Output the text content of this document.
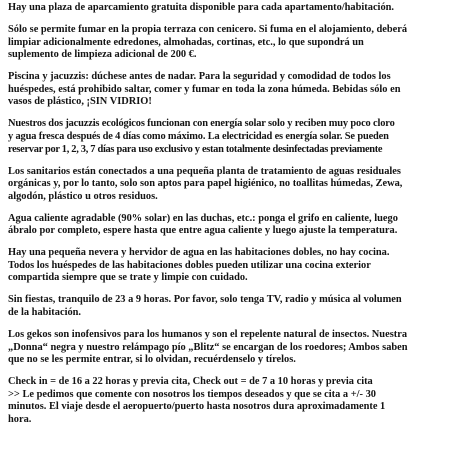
Hay una plaza de aparcamiento gratuita disponible para cada apartamento/habitación.

Sólo se permite fumar en la propia terraza con cenicero. Si fuma en el alojamiento, deberá
limpiar adicionalmente edredones, almohadas, cortinas, etc., lo que supondrá un
suplemento de limpieza adicional de 200 €.

Piscina y jacuzzis: dúchese antes de nadar. Para la seguridad y comodidad de todos los
huéspedes, está prohibido saltar, comer y fumar en toda la zona húmeda. Bebidas sólo en
vasos de plástico, ¡SIN VIDRIO!

Nuestros dos jacuzzis ecológicos funcionan con energía solar solo y reciben muy poco cloro
y agua fresca después de 4 días como máximo. La electricidad es energía solar. Se pueden
reservar por 1, 2, 3, 7 días para uso exclusivo y estan totalmente desinfectadas previamente

Los sanitarios están conectados a una pequeña planta de tratamiento de aguas residuales
orgánicas y, por lo tanto, solo son aptos para papel higiénico, no toallitas húmedas, Zewa,
algodón, plástico u otros residuos.

Agua caliente agradable (90% solar) en las duchas, etc.: ponga el grifo en caliente, luego
ábralo por completo, espere hasta que entre agua caliente y luego ajuste la temperatura.

Hay una pequeña nevera y hervidor de agua en las habitaciones dobles, no hay cocina.
Todos los huéspedes de las habitaciones dobles pueden utilizar una cocina exterior
compartida siempre que se trate y limpie con cuidado.

Sin fiestas, tranquilo de 23 a 9 horas. Por favor, solo tenga TV, radio y música al volumen
de la habitación.

Los gekos son inofensivos para los humanos y son el repelente natural de insectos. Nuestra
„Donna“ negra y nuestro relámpago pío „Blitz“ se encargan de los roedores; Ambos saben
que no se les permite entrar, si lo olvidan, recuérdenselo y tírelos.

Check in = de 16 a 22 horas y previa cita, Check out = de 7 a 10 horas y previa cita
>> Le pedimos que comente con nosotros los tiempos deseados y que se cita a +/- 30
minutos. El viaje desde el aeropuerto/puerto hasta nosotros dura aproximadamente 1
hora.
